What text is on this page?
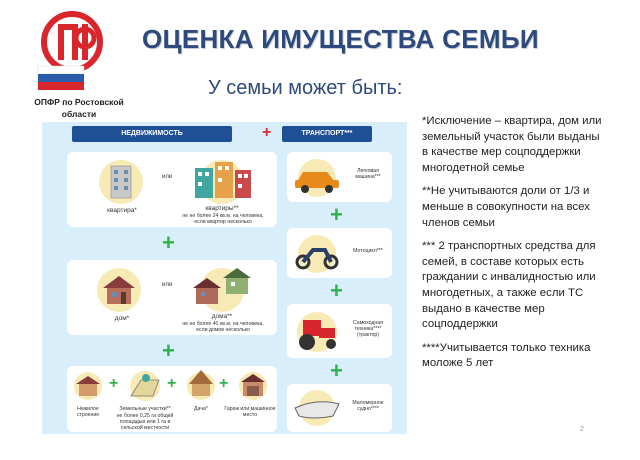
ОПФР по Ростовской области
ОЦЕНКА ИМУЩЕСТВА СЕМЬИ
У семьи может быть:
НЕДВИЖИМОСТЬ	+	ТРАНСПОРТ***
или
квартира*	квартиры**
не не более 24 кв.м. на человека, если квартир несколько
+
или
дом*	дома**
не не более 40 кв.м. на человека, если домов несколько
+
+	+	+
Нежилое строение
Земельные участки**
не более 0,25 га общей площадью или 1 га в сельской местности
Дача*	Гараж или машинное место
Легковая машина***
+
Мотоцикл***
+
Самоходная техника**** (трактор)
+
Маломерное судно****

*Исключение – квартира, дом или земельный участок были выданы в качестве мер соцподдержки многодетной семье

**Не учитываются доли от 1/3 и меньше в совокупности на всех членов семьи

*** 2 транспортных средства для семей, в составе которых есть граждании с инвалидностью или многодетных, а также если ТС выдано в качестве мер соцподдержки

****Учитывается только техника моложе 5 лет

2
